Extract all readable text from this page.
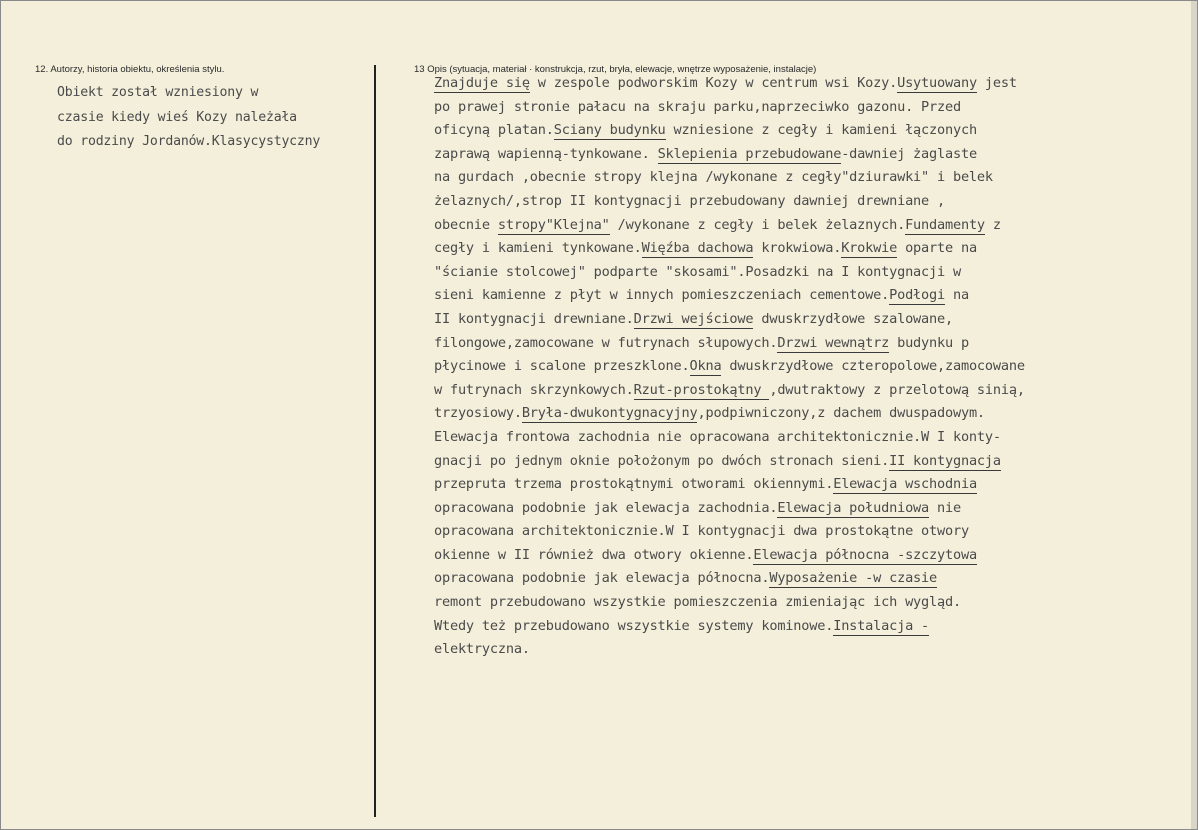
12. Autorzy, historia obiektu, określenia stylu.	13 Opis (sytuacja, materiał · konstrukcja, rzut, bryła, elewacje, wnętrze wyposażenie, instalacje)
Obiekt został wzniesiony w
czasie kiedy wieś Kozy należała
do rodziny Jordanów.Klasycystyczny
Znajduje się w zespole podworskim Kozy w centrum wsi Kozy.Usytuowany jest
po prawej stronie pałacu na skraju parku,naprzeciwko gazonu. Przed
oficyną platan.Sciany budynku wzniesione z cegły i kamieni łączonych
zaprawą wapienną-tynkowane. Sklepienia przebudowane-dawniej żaglaste
na gurdach ,obecnie stropy klejna /wykonane z cegły"dziurawki" i belek
żelaznych/,strop II kontygnacji przebudowany dawniej drewniane ,
obecnie stropy"Klejna" /wykonane z cegły i belek żelaznych.Fundamenty z
cegły i kamieni tynkowane.Więźba dachowa krokwiowa.Krokwie oparte na
"ścianie stolcowej" podparte "skosami".Posadzki na I kontygnacji w
sieni kamienne z płyt w innych pomieszczeniach cementowe.Podłogi na
II kontygnacji drewniane.Drzwi wejściowe dwuskrzydłowe szalowane,
filongowe,zamocowane w futrynach słupowych.Drzwi wewnątrz budynku p
płycinowe i scalone przeszklone.Okna dwuskrzydłowe czteropolowe,zamocowane
w futrynach skrzynkowych.Rzut-prostokątny ,dwutraktowy z przelotową sinią,
trzyosiowy.Bryła-dwukontygnacyjny,podpiwniczony,z dachem dwuspadowym.
Elewacja frontowa zachodnia nie opracowana architektonicznie.W I konty-
gnacji po jednym oknie położonym po dwóch stronach sieni.II kontygnacja
przepruta trzema prostokątnymi otworami okiennymi.Elewacja wschodnia
opracowana podobnie jak elewacja zachodnia.Elewacja południowa nie
opracowana architektonicznie.W I kontygnacji dwa prostokątne otwory
okienne w II również dwa otwory okienne.Elewacja północna -szczytowa
opracowana podobnie jak elewacja północna.Wyposażenie -w czasie
remont przebudowano wszystkie pomieszczenia zmieniając ich wygląd.
Wtedy też przebudowano wszystkie systemy kominowe.Instalacja -
elektryczna.
